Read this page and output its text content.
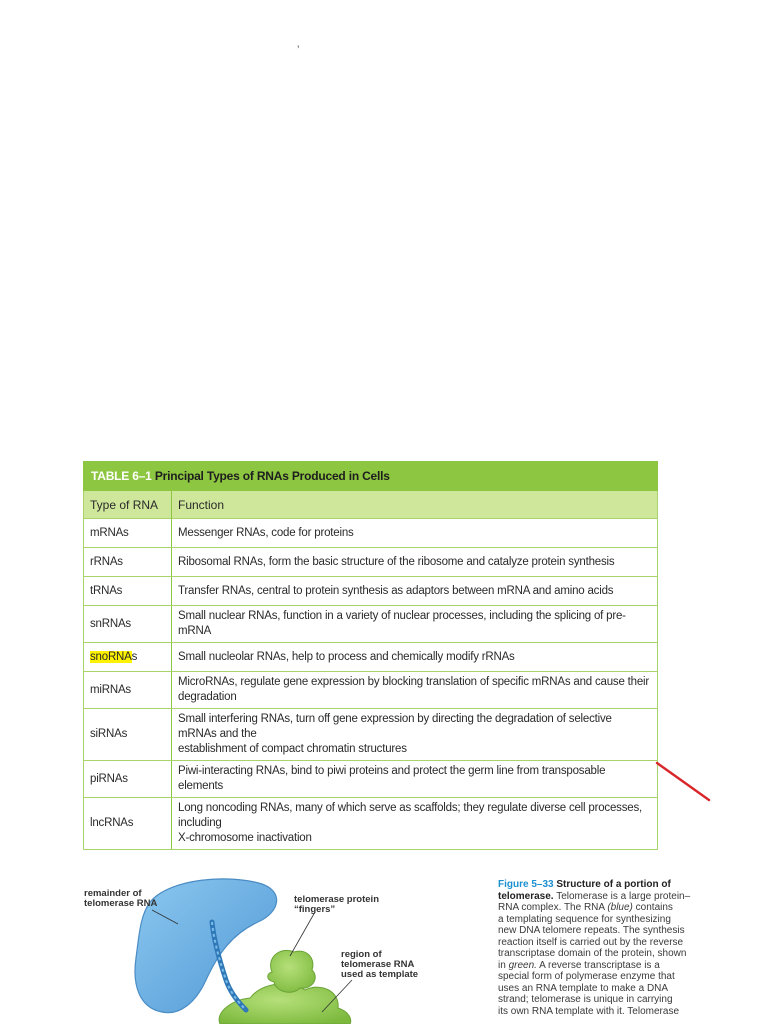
’
TABLE 6–1 Principal Types of RNAs Produced in Cells	
Type of RNA	Function
mRNAs	Messenger RNAs, code for proteins
rRNAs	Ribosomal RNAs, form the basic structure of the ribosome and catalyze protein synthesis
tRNAs	Transfer RNAs, central to protein synthesis as adaptors between mRNA and amino acids
snRNAs	Small nuclear RNAs, function in a variety of nuclear processes, including the splicing of pre-mRNA
snoRNAs	Small nucleolar RNAs, help to process and chemically modify rRNAs
miRNAs	MicroRNAs, regulate gene expression by blocking translation of specific mRNAs and cause their degradation
siRNAs	Small interfering RNAs, turn off gene expression by directing the degradation of selective mRNAs and the
establishment of compact chromatin structures
piRNAs	Piwi-interacting RNAs, bind to piwi proteins and protect the germ line from transposable elements
lncRNAs	Long noncoding RNAs, many of which serve as scaffolds; they regulate diverse cell processes, including
X-chromosome inactivation
remainder of
telomerase RNA	telomerase protein
“fingers”
region of
telomerase RNA
used as template
Figure 5–33 Structure of a portion of telomerase. Telomerase is a large protein–
RNA complex. The RNA (blue) contains
a templating sequence for synthesizing
new DNA telomere repeats. The synthesis
reaction itself is carried out by the reverse
transcriptase domain of the protein, shown
in green. A reverse transcriptase is a
special form of polymerase enzyme that
uses an RNA template to make a DNA
strand; telomerase is unique in carrying
its own RNA template with it. Telomerase
